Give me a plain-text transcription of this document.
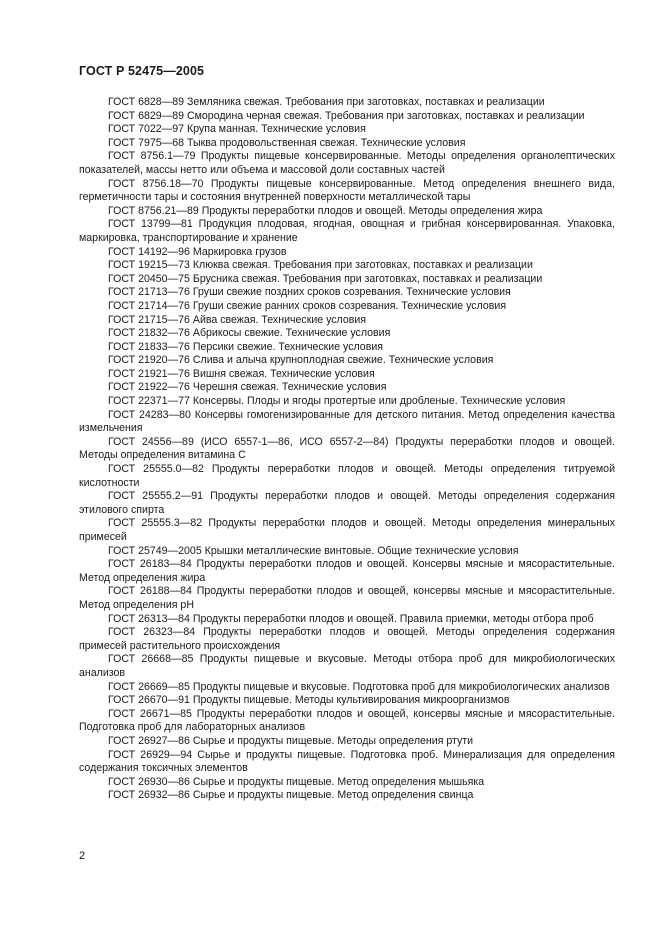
ГОСТ Р 52475—2005

ГОСТ 6828—89 Земляника свежая. Требования при заготовках, поставках и реализации

ГОСТ 6829—89 Смородина черная свежая. Требования при заготовках, поставках и реализации

ГОСТ 7022—97 Крупа манная. Технические условия

ГОСТ 7975—68 Тыква продовольственная свежая. Технические условия

ГОСТ 8756.1—79 Продукты пищевые консервированные. Методы определения органолептических показателей, массы нетто или объема и массовой доли составных частей

ГОСТ 8756.18—70 Продукты пищевые консервированные. Метод определения внешнего вида, герметичности тары и состояния внутренней поверхности металлической тары

ГОСТ 8756.21—89 Продукты переработки плодов и овощей. Методы определения жира

ГОСТ 13799—81 Продукция плодовая, ягодная, овощная и грибная консервированная. Упаковка, маркировка, транспортирование и хранение

ГОСТ 14192—96 Маркировка грузов

ГОСТ 19215—73 Клюква свежая. Требования при заготовках, поставках и реализации

ГОСТ 20450—75 Брусника свежая. Требования при заготовках, поставках и реализации

ГОСТ 21713—76 Груши свежие поздних сроков созревания. Технические условия

ГОСТ 21714—76 Груши свежие ранних сроков созревания. Технические условия

ГОСТ 21715—76 Айва свежая. Технические условия

ГОСТ 21832—76 Абрикосы свежие. Технические условия

ГОСТ 21833—76 Персики свежие. Технические условия

ГОСТ 21920—76 Слива и алыча крупноплодная свежие. Технические условия

ГОСТ 21921—76 Вишня свежая. Технические условия

ГОСТ 21922—76 Черешня свежая. Технические условия

ГОСТ 22371—77 Консервы. Плоды и ягоды протертые или дробленые. Технические условия

ГОСТ 24283—80 Консервы гомогенизированные для детского питания. Метод определения качества измельчения

ГОСТ 24556—89 (ИСО 6557-1—86, ИСО 6557-2—84) Продукты переработки плодов и овощей. Методы определения витамина С

ГОСТ 25555.0—82 Продукты переработки плодов и овощей. Методы определения титруемой кислотности

ГОСТ 25555.2—91 Продукты переработки плодов и овощей. Методы определения содержания этилового спирта

ГОСТ 25555.3—82 Продукты переработки плодов и овощей. Методы определения минеральных примесей

ГОСТ 25749—2005 Крышки металлические винтовые. Общие технические условия

ГОСТ 26183—84 Продукты переработки плодов и овощей. Консервы мясные и мясорастительные. Метод определения жира

ГОСТ 26188—84 Продукты переработки плодов и овощей, консервы мясные и мясорастительные. Метод определения pH

ГОСТ 26313—84 Продукты переработки плодов и овощей. Правила приемки, методы отбора проб

ГОСТ 26323—84 Продукты переработки плодов и овощей. Методы определения содержания примесей растительного происхождения

ГОСТ 26668—85 Продукты пищевые и вкусовые. Методы отбора проб для микробиологических анализов

ГОСТ 26669—85 Продукты пищевые и вкусовые. Подготовка проб для микробиологических анализов

ГОСТ 26670—91 Продукты пищевые. Методы культивирования микроорганизмов

ГОСТ 26671—85 Продукты переработки плодов и овощей, консервы мясные и мясорастительные. Подготовка проб для лабораторных анализов

ГОСТ 26927—86 Сырье и продукты пищевые. Методы определения ртути

ГОСТ 26929—94 Сырье и продукты пищевые. Подготовка проб. Минерализация для определения содержания токсичных элементов

ГОСТ 26930—86 Сырье и продукты пищевые. Метод определения мышьяка

ГОСТ 26932—86 Сырье и продукты пищевые. Метод определения свинца

2
